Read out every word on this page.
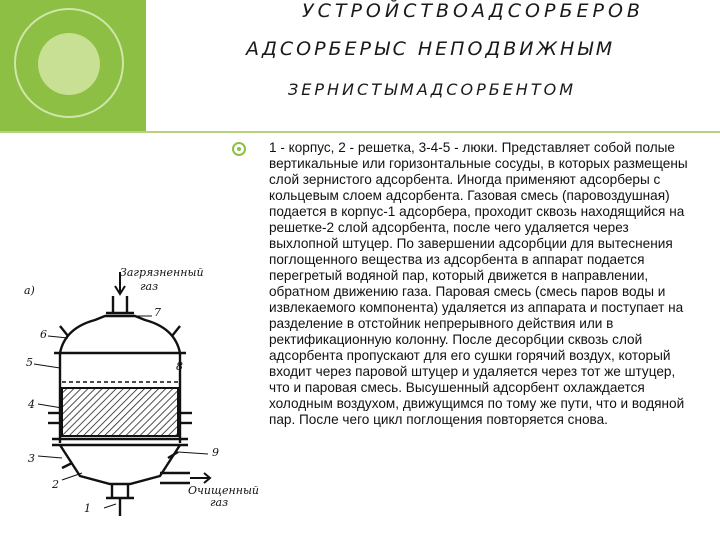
УСТРОЙСТВОАДСОРБЕРОВ
АДСОРБЕРЫС НЕПОДВИЖНЫМ
ЗЕРНИСТЫМАДСОРБЕНТОМ
1 - корпус, 2 - решетка, 3-4-5 - люки. Представляет собой полые вертикальные или горизонтальные сосуды, в которых размещены слой зернистого адсорбента. Иногда применяют адсорберы с кольцевым слоем адсорбента. Газовая смесь (паровоздушная) подается в корпус-1 адсорбера, проходит сквозь находящийся на решетке-2 слой адсорбента, после чего удаляется через выхлопной штуцер. По завершении адсорбции для вытеснения поглощенного вещества из адсорбента в аппарат подается перегретый водяной пар, который движется в направлении, обратном движению газа. Паровая смесь (смесь паров воды и извлекаемого компонента) удаляется из аппарата и поступает на разделение в отстойник непрерывного действия или в ректификационную колонну. После десорбции сквозь слой адсорбента пропускают для его сушки горячий воздух, который входит через паровой штуцер и удаляется через тот же штуцер, что и паровая смесь. Высушенный адсорбент охлаждается холодным воздухом, движущимся по тому же пути, что и водяной пар. После чего цикл поглощения повторяется снова.
а)
Загрязненный
газ
Очищенный
газ
1
2
3
4
5
6
7
9
8
